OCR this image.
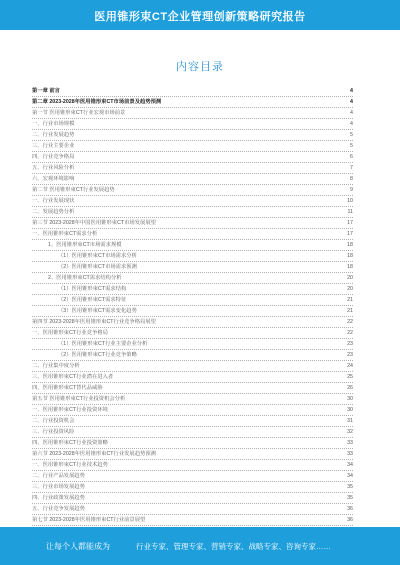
医用锥形束CT企业管理创新策略研究报告
内容目录
第一章 前言	4
第二章 2023-2028年医用锥形束CT市场前景及趋势预测	4
第一节 医用锥形束CT行业宏观市场前景	4
一、行业市场规模	4
二、行业发展趋势	5
三、行业主要企业	5
四、行业竞争格局	6
五、行业风险分析	7
六、宏观环境影响	8
第二节 医用锥形束CT行业发展趋势	9
一、行业发展现状	10
二、发展趋势分析	11
第三节 2023-2028年中国医用锥形束CT市场发展展望	17
一、医用锥形束CT需求分析	17
1、医用锥形束CT市场需求规模	18
（1）医用锥形束CT市场需求分析	18
（2）医用锥形束CT市场需求预测	18
2、医用锥形束CT需求结构分析	20
（1）医用锥形束CT需求结构	20
（2）医用锥形束CT需求特征	21
（3）医用锥形束CT需求变化趋势	21
第四节 2023-2028年医用锥形束CT行业竞争格局展望	22
一、医用锥形束CT行业竞争格局	22
（1）医用锥形束CT行业主要企业分析	23
（2）医用锥形束CT行业竞争策略	23
二、行业集中度分析	24
三、医用锥形束CT行业潜在进入者	25
四、医用锥形束CT替代品威胁	26
第五节 医用锥形束CT行业投资机会分析	30
一、医用锥形束CT行业投资环境	30
二、行业投资机会	31
三、行业投资风险	32
四、医用锥形束CT行业投资策略	33
第六节 2023-2028年医用锥形束CT行业发展趋势预测	33
一、医用锥形束CT行业技术趋势	34
二、行业产品发展趋势	34
三、行业市场发展趋势	35
四、行业政策发展趋势	35
五、行业竞争发展趋势	36
第七节 2023-2028年医用锥形束CT行业前景展望	36
让每个人都能成为	行业专家、管理专家、营销专家、战略专家、咨询专家……
